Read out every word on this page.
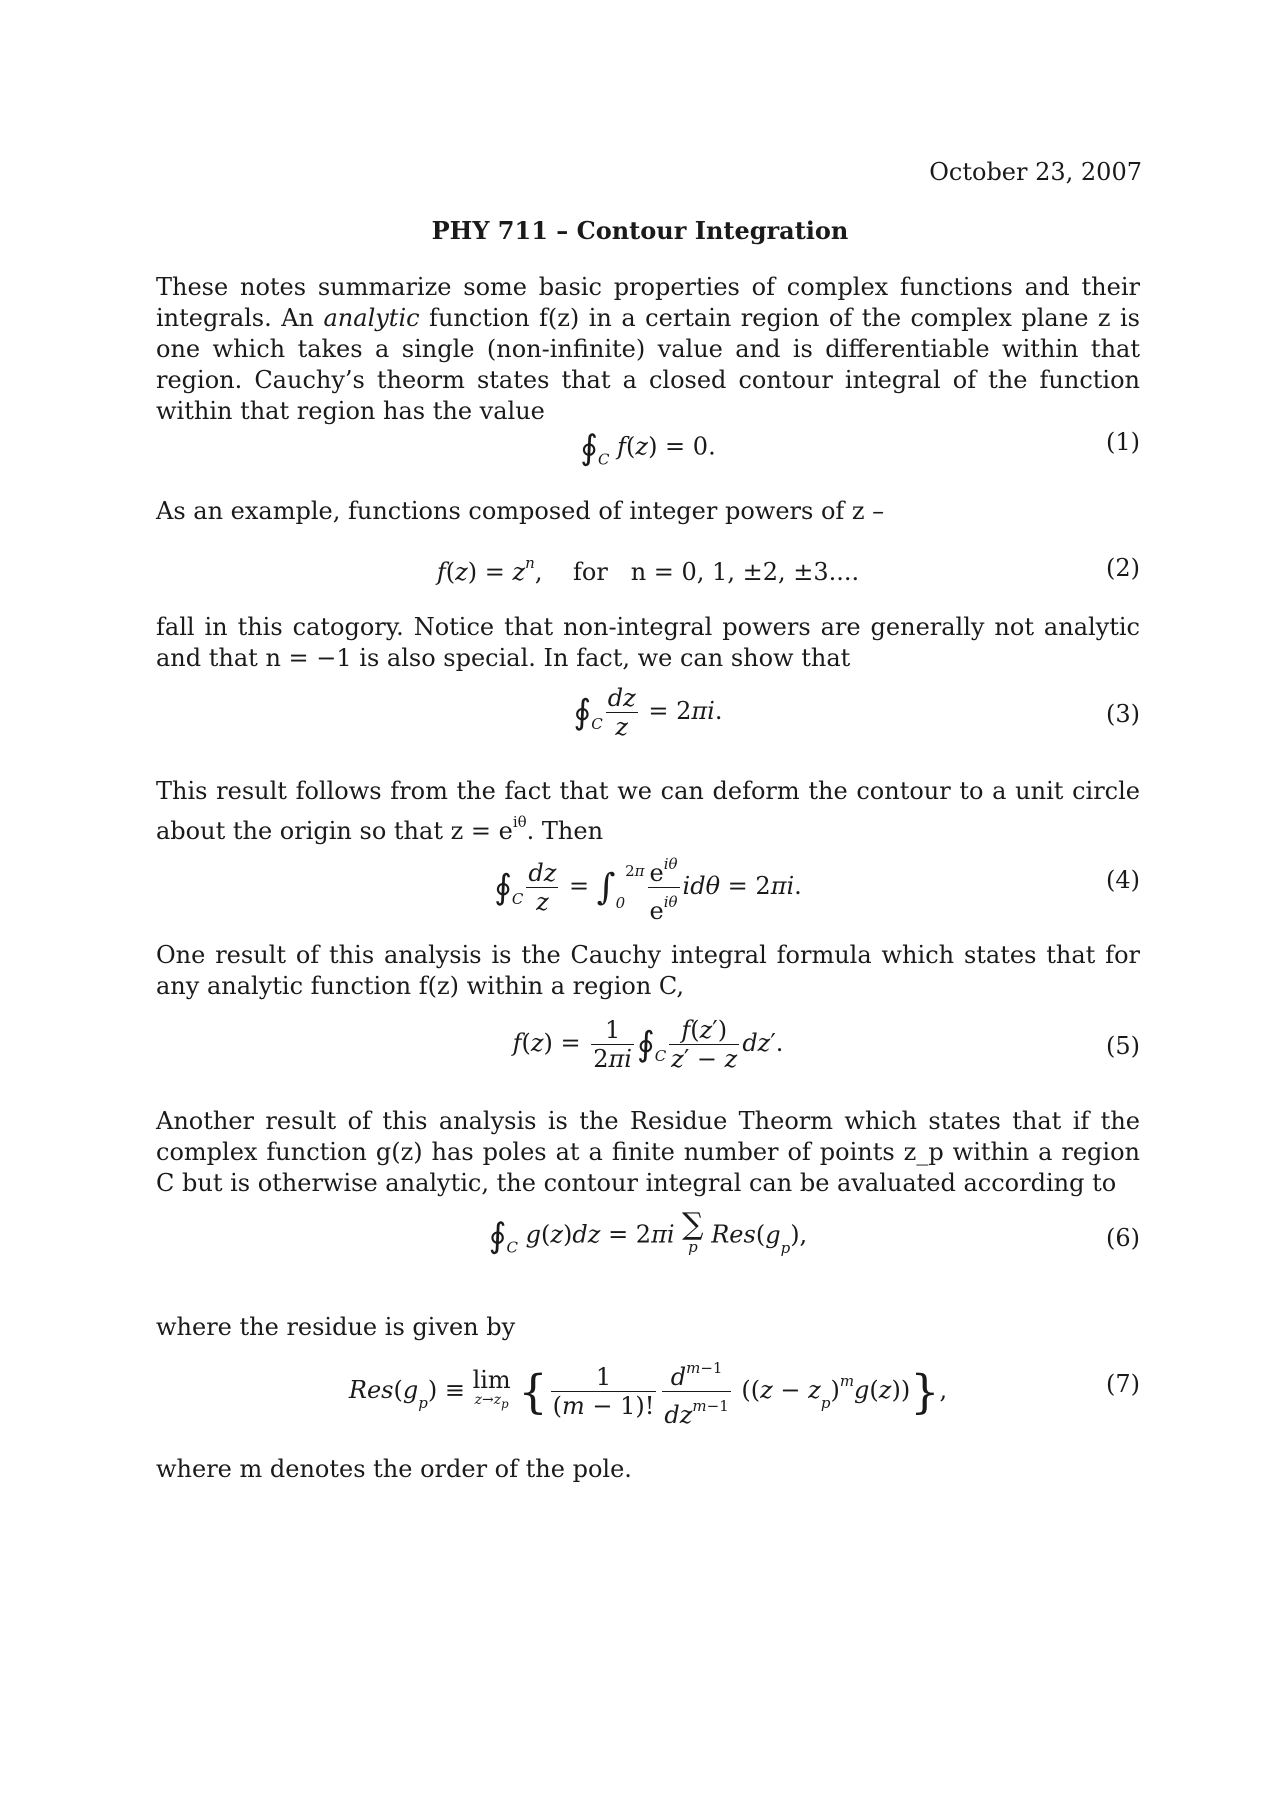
October 23, 2007
PHY 711 – Contour Integration
These notes summarize some basic properties of complex functions and their integrals. An analytic function f(z) in a certain region of the complex plane z is one which takes a single (non-infinite) value and is differentiable within that region. Cauchy’s theorm states that a closed contour integral of the function within that region has the value
$∮_C$ f(z) = 0.	(1)
As an example, functions composed of integer powers of z –
$f(z) = z^n$,    for n = 0, 1, ±2, ±3....	(2)
fall in this catogory. Notice that non-integral powers are generally not analytic and that n = −1 is also special. In fact, we can show that
$∮_C \frac{dz}{z} = 2\pi i$.	(3)
This result follows from the fact that we can deform the contour to a unit circle about the origin so that $z = e^{i\theta}$. Then
$∮_C \frac{dz}{z} = \int_0^{2\pi} \frac{e^{i\theta}}{e^{i\theta}}$ idθ = 2πi.	(4)
One result of this analysis is the Cauchy integral formula which states that for any analytic function f(z) within a region C,
$f(z) = \frac{1}{2\pi i}$ $∮_C \frac{f(z')}{z' - z} dz'$.	(5)
Another result of this analysis is the Residue Theorm which states that if the complex function g(z) has poles at a finite number of points z_p within a region C but is otherwise analytic, the contour integral can be avaluated according to
$∮_C$ g(z)dz = 2πi ∑
p $Res(g_p)$,	(6)
where the residue is given by
$Res(g_p) \equiv \lim$
$z\to z_p$ { $\frac{1}{(m - 1)!} \frac{d^{m-1}}{dz^{m-1}} ((z - z_p)^mg(z))$},	(7)
where m denotes the order of the pole.
